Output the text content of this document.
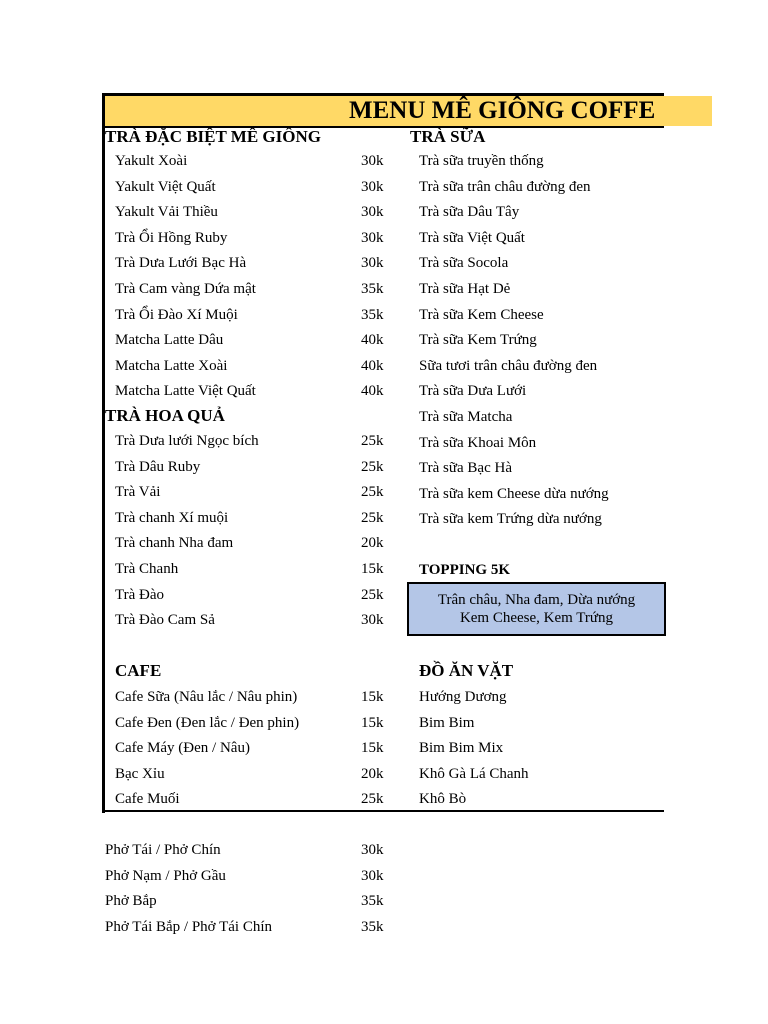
MENU MÊ GIÔNG COFFE
TRÀ ĐẶC BIỆT MÊ GIÔNG
TRÀ HOA QUẢ
CAFE
TRÀ SỮA
TOPPING 5K
ĐỒ ĂN VẶT
Trân châu, Nha đam, Dừa nướng
Kem Cheese, Kem Trứng
Yakult Xoài	30k
Yakult Việt Quất	30k
Yakult Vải Thiều	30k
Trà Ổi Hồng Ruby	30k
Trà Dưa Lưới Bạc Hà	30k
Trà Cam vàng Dứa mật	35k
Trà Ổi Đào Xí Muội	35k
Matcha Latte Dâu	40k
Matcha Latte Xoài	40k
Matcha Latte Việt Quất	40k
Trà Dưa lưới Ngọc bích	25k
Trà Dâu Ruby	25k
Trà Vải	25k
Trà chanh Xí muội	25k
Trà chanh Nha đam	20k
Trà Chanh	15k
Trà Đào	25k
Trà Đào Cam Sả	30k
Cafe Sữa (Nâu lắc / Nâu phin)	15k
Cafe Đen (Đen lắc / Đen phin)	15k
Cafe Máy (Đen / Nâu)	15k
Bạc Xỉu	20k
Cafe Muối	25k
Trà sữa truyền thống
Trà sữa trân châu đường đen
Trà sữa Dâu Tây
Trà sữa Việt Quất
Trà sữa Socola
Trà sữa Hạt Dẻ
Trà sữa Kem Cheese
Trà sữa Kem Trứng
Sữa tươi trân châu đường đen
Trà sữa Dưa Lưới
Trà sữa Matcha
Trà sữa Khoai Môn
Trà sữa Bạc Hà
Trà sữa kem Cheese dừa nướng
Trà sữa kem Trứng dừa nướng
Hướng Dương
Bim Bim
Bim Bim Mix
Khô Gà Lá Chanh
Khô Bò
Phở Tái / Phở Chín	30k
Phở Nạm / Phở Gầu	30k
Phở Bắp	35k
Phở Tái Bắp / Phở Tái Chín	35k
